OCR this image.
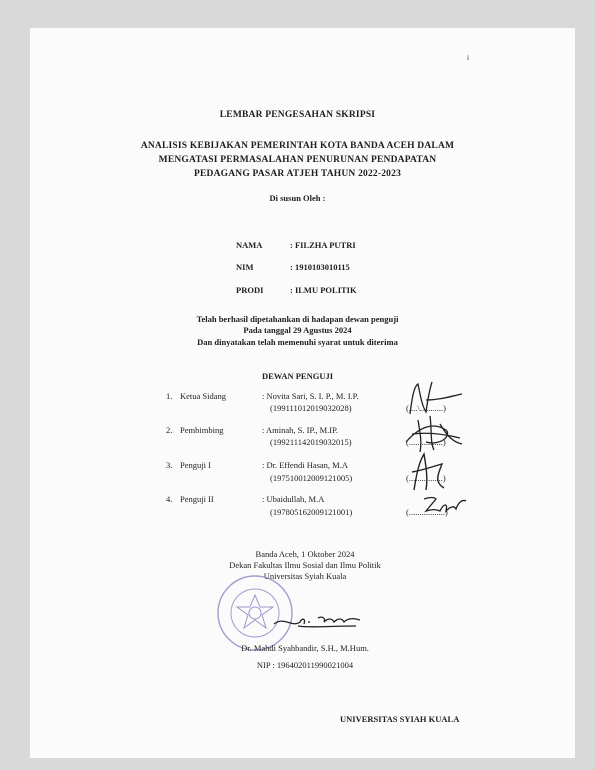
i
LEMBAR PENGESAHAN SKRIPSI
ANALISIS KEBIJAKAN PEMERINTAH KOTA BANDA ACEH DALAM
MENGATASI PERMASALAHAN PENURUNAN PENDAPATAN
PEDAGANG PASAR ATJEH TAHUN 2022-2023
Di susun Oleh :
NAMA	: FILZHA PUTRI
NIM	: 1910103010115
PRODI	: ILMU POLITIK
Telah berhasil dipetahankan di hadapan dewan penguji
Pada tanggal 29 Agustus 2024
Dan dinyatakan telah memenuhi syarat untuk diterima
DEWAN PENGUJI
1. Ketua Sidang	: Novita Sari, S. I. P., M. I.P.
(199111012019032028)	(....\...........)
2. Pembimbing	: Aminah, S. IP., M.IP.
(199211142019032015)	(................)
3. Penguji I	: Dr. Effendi Hasan, M.A
(197510012009121005)	(................)
4. Penguji II	: Ubaidullah, M.A
(197805162009121001)	(.................)
Banda Aceh, 1 Oktober 2024
Dekan Fakultas Ilmu Sosial dan Ilmu Politik
Universitas Syiah Kuala
Dr. Mahdi Syahbandir, S.H., M.Hum.
NIP : 196402011990021004
UNIVERSITAS SYIAH KUALA
